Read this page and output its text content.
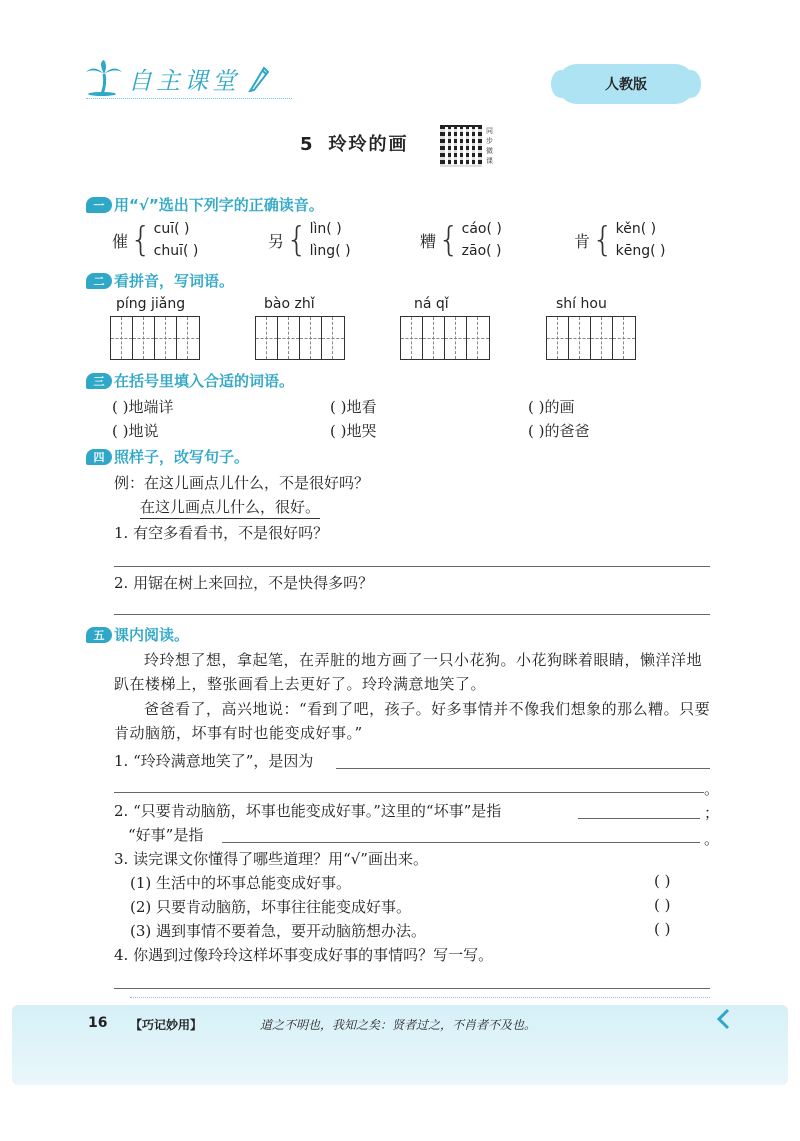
自主课堂	人教版
5 玲玲的画
同步微课
一 用“√”选出下列字的正确读音。
催 { cuī( )
chuī( )
另 { lìn( )
lìng( )
糟 { cáo( )
zāo( )
肯 { kěn( )
kēng( )
二 看拼音，写词语。
píng jiǎng	bào zhǐ	ná qǐ	shí hou
三 在括号里填入合适的词语。
( )地端详	( )地看	( )的画
( )地说	( )地哭	( )的爸爸
四 照样子，改写句子。
例：在这儿画点儿什么，不是很好吗？
在这儿画点儿什么，很好。
1. 有空多看看书，不是很好吗？
2. 用锯在树上来回拉，不是快得多吗？
五 课内阅读。
玲玲想了想，拿起笔，在弄脏的地方画了一只小花狗。小花狗眯着眼睛，懒洋洋地趴在楼梯上，整张画看上去更好了。玲玲满意地笑了。
爸爸看了，高兴地说：“看到了吧，孩子。好多事情并不像我们想象的那么糟。只要肯动脑筋，坏事有时也能变成好事。”
1. “玲玲满意地笑了”，是因为
。
2. “只要肯动脑筋，坏事也能变成好事。”这里的“坏事”是指	；
“好事”是指	。
3. 读完课文你懂得了哪些道理？用“√”画出来。
(1) 生活中的坏事总能变成好事。	( )
(2) 只要肯动脑筋，坏事往往能变成好事。	( )
(3) 遇到事情不要着急，要开动脑筋想办法。	( )
4. 你遇到过像玲玲这样坏事变成好事的事情吗？写一写。
16 【巧记妙用】	道之不明也，我知之矣：贤者过之，不肖者不及也。
